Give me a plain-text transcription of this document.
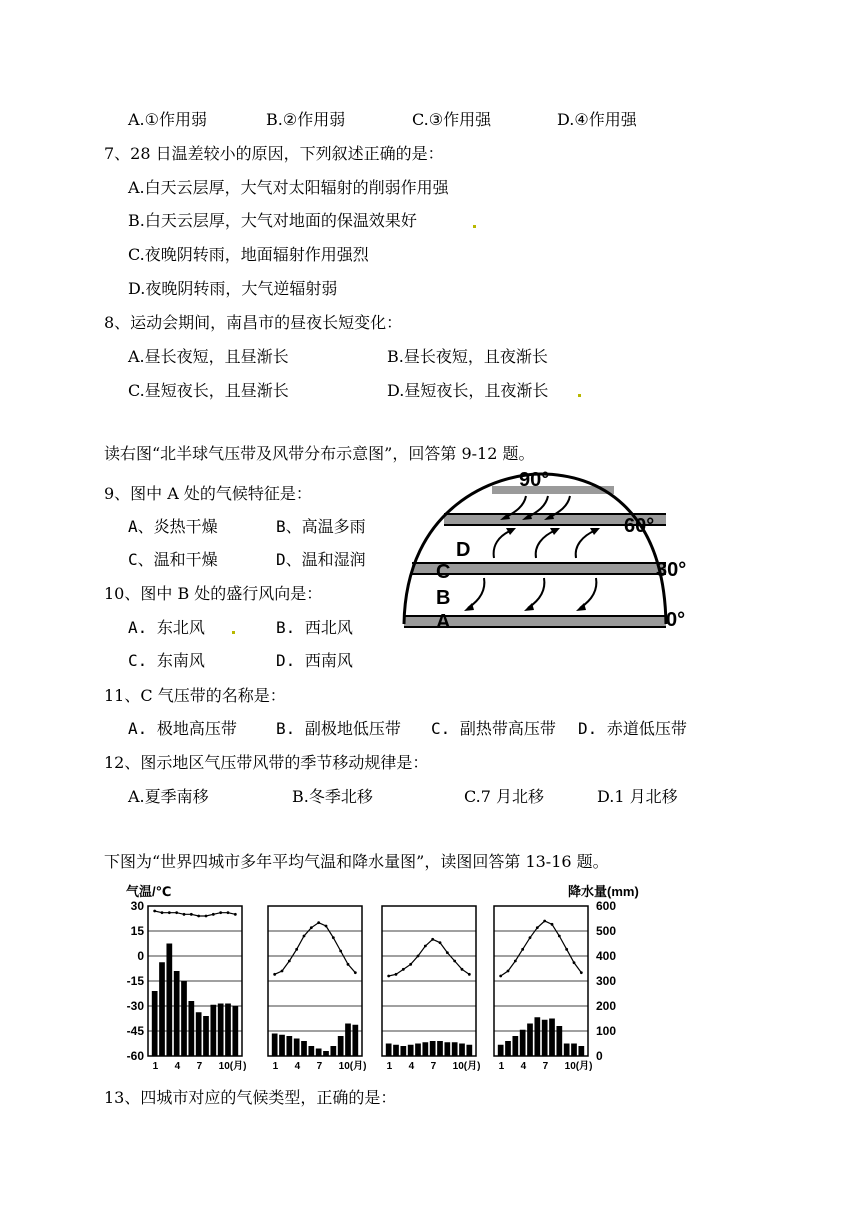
A.①作用弱	B.②作用弱	C.③作用强	D.④作用强
7、28 日温差较小的原因，下列叙述正确的是：
A.白天云层厚，大气对太阳辐射的削弱作用强
B.白天云层厚，大气对地面的保温效果好
C.夜晚阴转雨，地面辐射作用强烈
D.夜晚阴转雨，大气逆辐射弱
8、运动会期间，南昌市的昼夜长短变化：
A.昼长夜短，且昼渐长	B.昼长夜短，且夜渐长
C.昼短夜长，且昼渐长	D.昼短夜长，且夜渐长
读右图“北半球气压带及风带分布示意图”，回答第 9-12 题。
9、图中 A 处的气候特征是：
A、炎热干燥	B、高温多雨
C、温和干燥	D、温和湿润
10、图中 B 处的盛行风向是：
A. 东北风	B. 西北风
C. 东南风	D. 西南风
90°
60°
30°
0°
D
C
B
A
11、C 气压带的名称是：
A. 极地高压带 B. 副极地低压带 C. 副热带高压带 D. 赤道低压带
12、图示地区气压带风带的季节移动规律是：
A.夏季南移	B.冬季北移	C.7 月北移	D.1 月北移
下图为“世界四城市多年平均气温和降水量图”，读图回答第 13-16 题。
气温/℃	降水量(mm)
30
15
0
-15
-30
-45
-60
600
500
400
300
200
100
0
1 4 7 10(月)	1 4 7 10(月) 1 4 7 10(月) 1 4 7 10(月)
13、四城市对应的气候类型，正确的是：
